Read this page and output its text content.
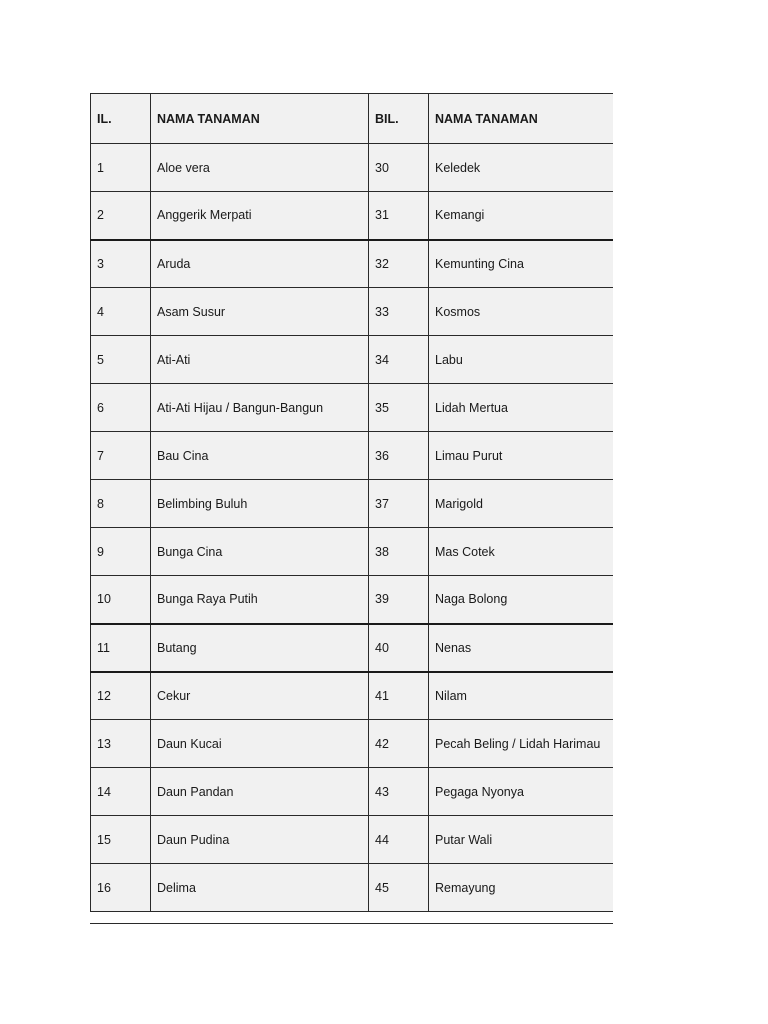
IL.	NAMA TANAMAN	BIL.	NAMA TANAMAN
1	Aloe vera	30	Keledek
2	Anggerik Merpati	31	Kemangi
3	Aruda	32	Kemunting Cina
4	Asam Susur	33	Kosmos
5	Ati-Ati	34	Labu
6	Ati-Ati Hijau / Bangun-Bangun	35	Lidah Mertua
7	Bau Cina	36	Limau Purut
8	Belimbing Buluh	37	Marigold
9	Bunga Cina	38	Mas Cotek
10	Bunga Raya Putih	39	Naga Bolong
11	Butang	40	Nenas
12	Cekur	41	Nilam
13	Daun Kucai	42	Pecah Beling / Lidah Harimau
14	Daun Pandan	43	Pegaga Nyonya
15	Daun Pudina	44	Putar Wali
16	Delima	45	Remayung
